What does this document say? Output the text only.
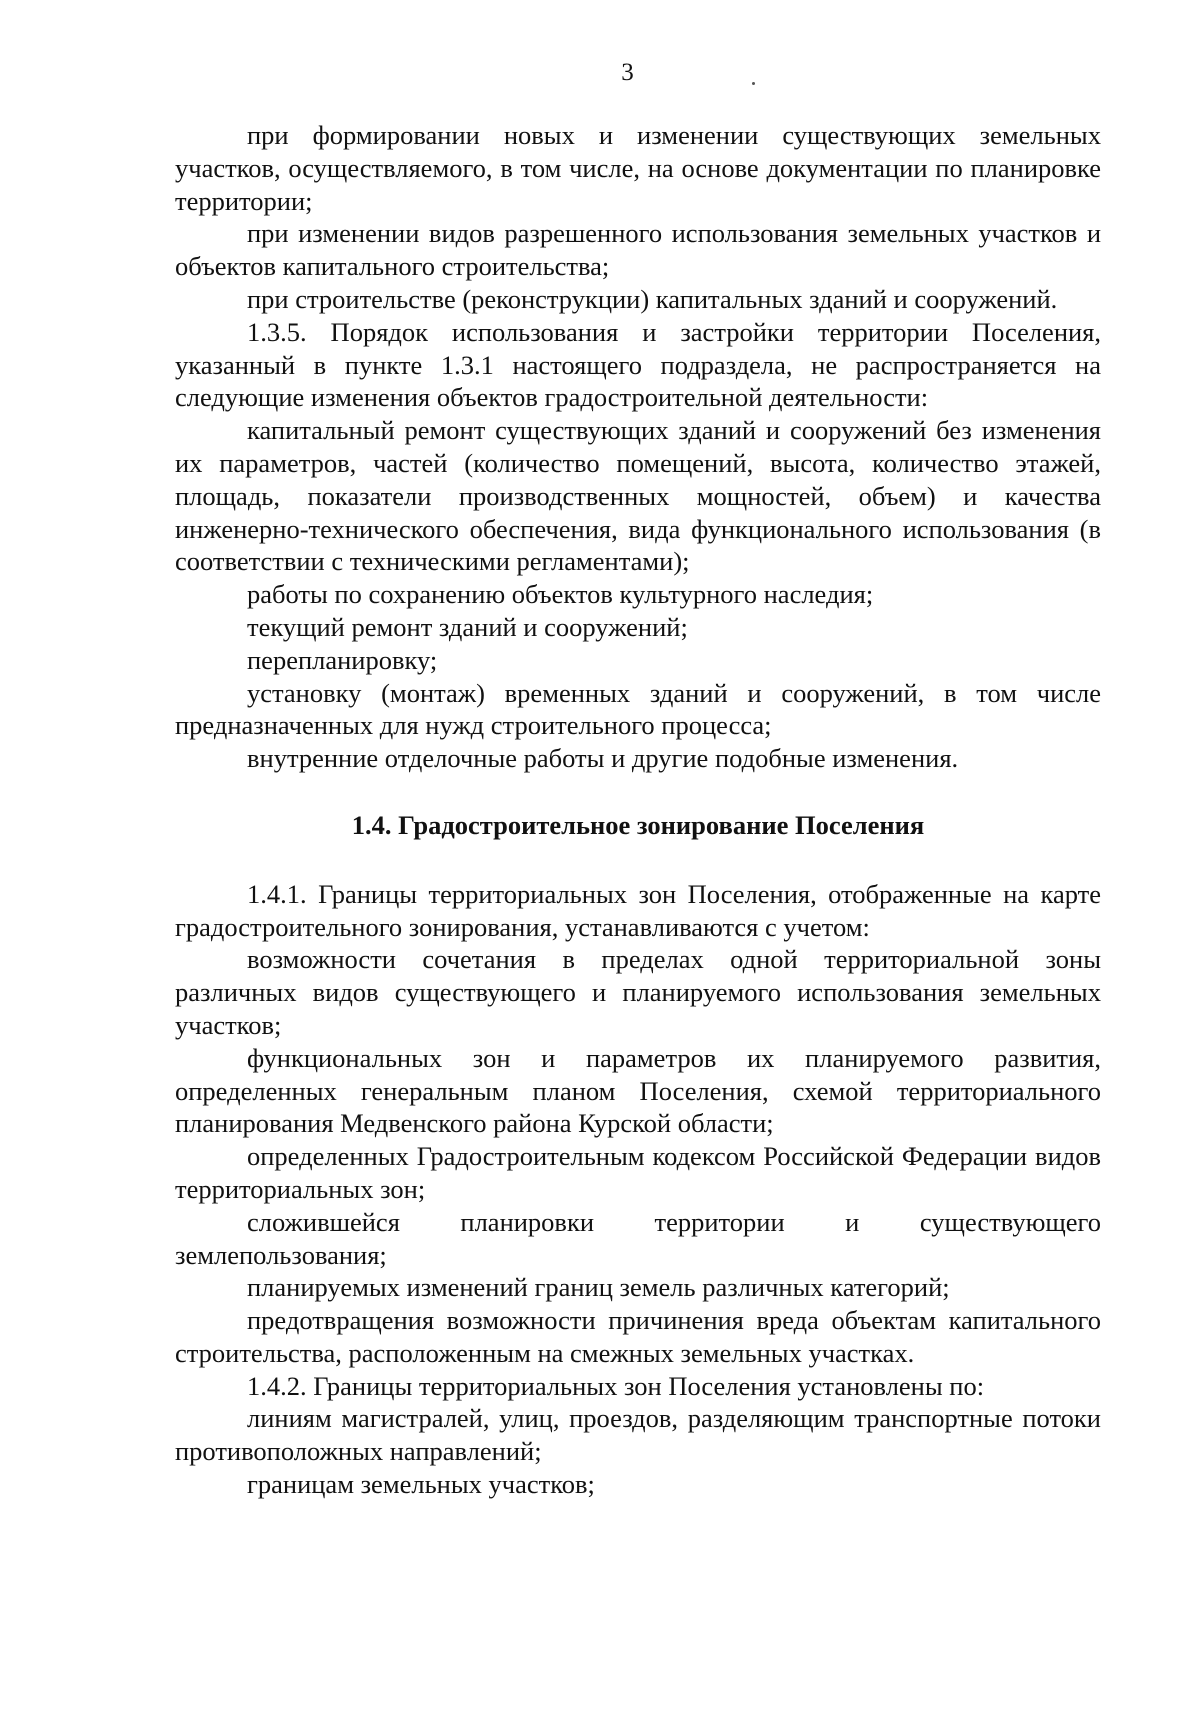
3

при формировании новых и изменении существующих земельных участков, осуществляемого, в том числе, на основе документации по планировке территории;

при изменении видов разрешенного использования земельных участков и объектов капитального строительства;

при строительстве (реконструкции) капитальных зданий и сооружений.

1.3.5. Порядок использования и застройки территории Поселения, указанный в пункте 1.3.1 настоящего подраздела, не распространяется на следующие изменения объектов градостроительной деятельности:

капитальный ремонт существующих зданий и сооружений без изменения их параметров, частей (количество помещений, высота, количество этажей, площадь, показатели производственных мощностей, объем) и качества инженерно-технического обеспечения, вида функционального использования (в соответствии с техническими регламентами);

работы по сохранению объектов культурного наследия;

текущий ремонт зданий и сооружений;

перепланировку;

установку (монтаж) временных зданий и сооружений, в том числе предназначенных для нужд строительного процесса;

внутренние отделочные работы и другие подобные изменения.

1.4. Градостроительное зонирование Поселения

1.4.1. Границы территориальных зон Поселения, отображенные на карте градостроительного зонирования, устанавливаются с учетом:

возможности сочетания в пределах одной территориальной зоны различных видов существующего и планируемого использования земельных участков;

функциональных зон и параметров их планируемого развития, определенных генеральным планом Поселения, схемой территориального планирования Медвенского района Курской области;

определенных Градостроительным кодексом Российской Федерации видов территориальных зон;

сложившейся планировки территории и существующего землепользования;

планируемых изменений границ земель различных категорий;

предотвращения возможности причинения вреда объектам капитального строительства, расположенным на смежных земельных участках.

1.4.2. Границы территориальных зон Поселения установлены по:

линиям магистралей, улиц, проездов, разделяющим транспортные потоки противоположных направлений;

границам земельных участков;
